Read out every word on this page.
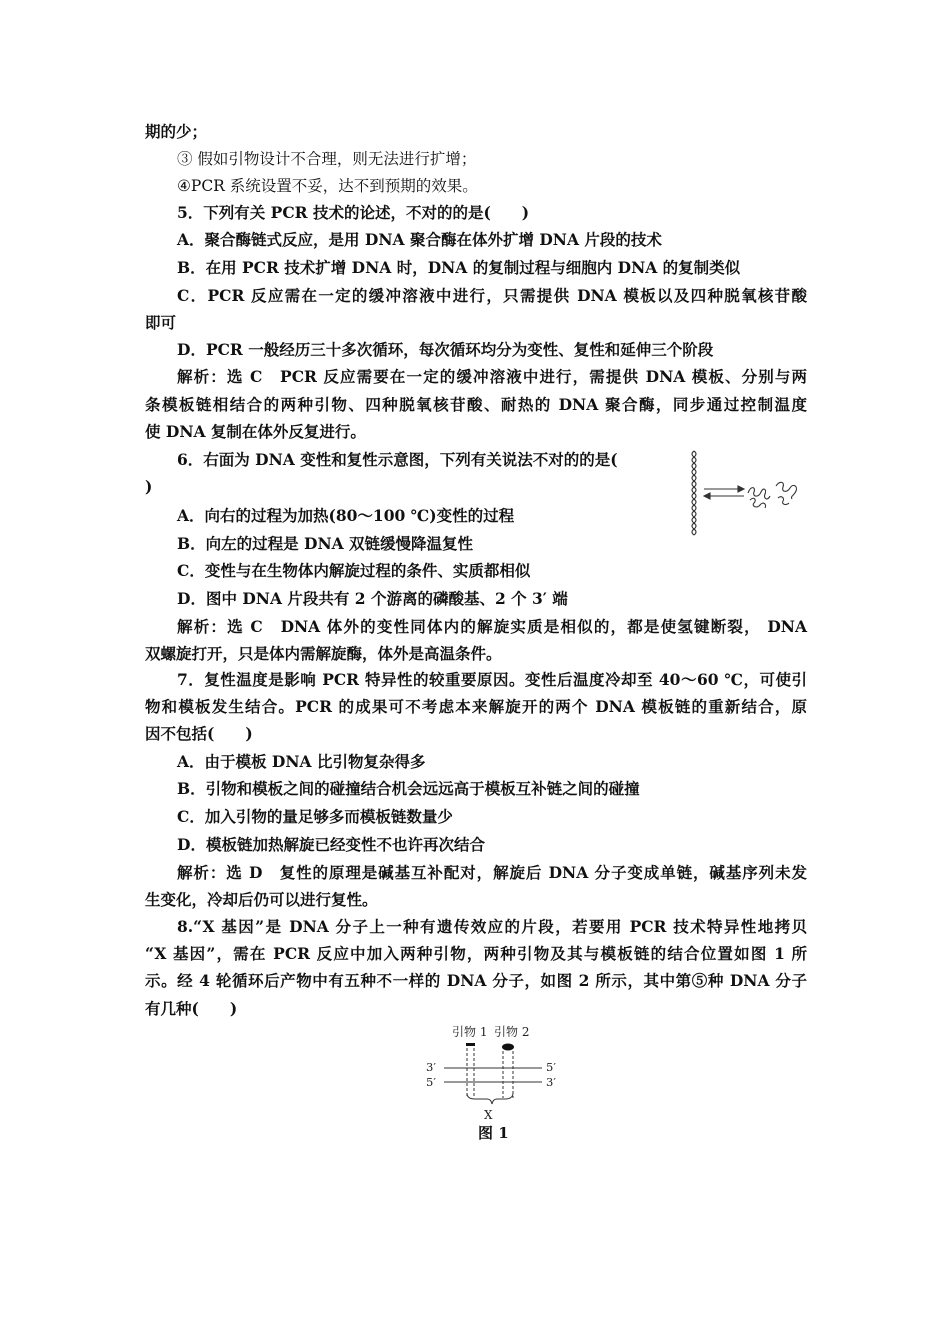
期的少；
③ 假如引物设计不合理，则无法进行扩增；
④PCR 系统设置不妥，达不到预期的效果。
5．下列有关 PCR 技术的论述，不对的的是(　　)
A．聚合酶链式反应，是用 DNA 聚合酶在体外扩增 DNA 片段的技术
B．在用 PCR 技术扩增 DNA 时，DNA 的复制过程与细胞内 DNA 的复制类似
C．PCR 反应需在一定的缓冲溶液中进行，只需提供 DNA 模板以及四种脱氧核苷酸
即可
D．PCR 一般经历三十多次循环，每次循环均分为变性、复性和延伸三个阶段
解析：选 C　PCR 反应需要在一定的缓冲溶液中进行，需提供 DNA 模板、分别与两
条模板链相结合的两种引物、四种脱氧核苷酸、耐热的 DNA 聚合酶，同步通过控制温度
使 DNA 复制在体外反复进行。
6．右面为 DNA 变性和复性示意图，下列有关说法不对的的是(
)
A．向右的过程为加热(80～100 ℃)变性的过程
B．向左的过程是 DNA 双链缓慢降温复性
C．变性与在生物体内解旋过程的条件、实质都相似
D．图中 DNA 片段共有 2 个游离的磷酸基、2 个 3′ 端
解析：选 C　DNA 体外的变性同体内的解旋实质是相似的，都是使氢键断裂， DNA
双螺旋打开，只是体内需解旋酶，体外是高温条件。
7．复性温度是影响 PCR 特异性的较重要原因。变性后温度冷却至 40～60 ℃，可使引
物和模板发生结合。PCR 的成果可不考虑本来解旋开的两个 DNA 模板链的重新结合，原
因不包括(　　)
A．由于模板 DNA 比引物复杂得多
B．引物和模板之间的碰撞结合机会远远高于模板互补链之间的碰撞
C．加入引物的量足够多而模板链数量少
D．模板链加热解旋已经变性不也许再次结合
解析：选 D　复性的原理是碱基互补配对，解旋后 DNA 分子变成单链，碱基序列未发
生变化，冷却后仍可以进行复性。
8.“X 基因”是 DNA 分子上一种有遗传效应的片段，若要用 PCR 技术特异性地拷贝
“X 基因”，需在 PCR 反应中加入两种引物，两种引物及其与模板链的结合位置如图 1 所
示。经 4 轮循环后产物中有五种不一样的 DNA 分子，如图 2 所示，其中第⑤种 DNA 分子
有几种(　　)
引物 1 引物 2
3′
5′
5′
3′
X
图 1
